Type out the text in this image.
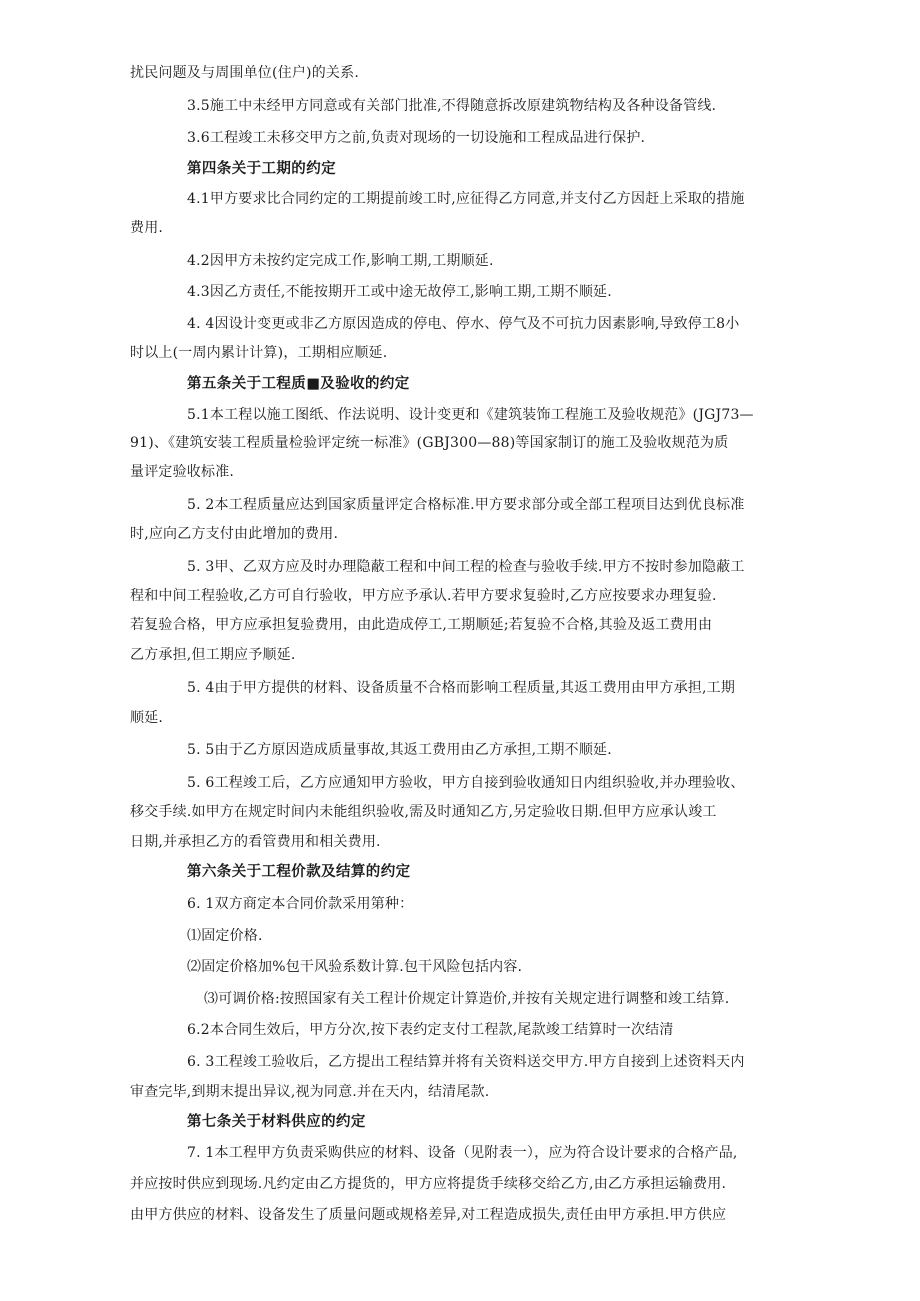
扰民问题及与周围单位(住户)的关系.
3.5施工中未经甲方同意或有关部门批准,不得随意拆改原建筑物结构及各种设备管线.
3.6工程竣工未移交甲方之前,负责对现场的一切设施和工程成品进行保护.
第四条关于工期的约定
4.1甲方要求比合同约定的工期提前竣工时,应征得乙方同意,并支付乙方因赶上采取的措施
费用.
4.2因甲方未按约定完成工作,影响工期,工期顺延.
4.3因乙方责任,不能按期开工或中途无故停工,影响工期,工期不顺延.
4. 4因设计变更或非乙方原因造成的停电、停水、停气及不可抗力因素影响,导致停工8小
时以上(一周内累计计算)，工期相应顺延.
第五条关于工程质■及验收的约定
5.1本工程以施工图纸、作法说明、设计变更和《建筑装饰工程施工及验收规范》(JGJ73—
91)、《建筑安装工程质量检验评定统一标准》(GBJ300—88)等国家制订的施工及验收规范为质
量评定验收标准.
5. 2本工程质量应达到国家质量评定合格标准.甲方要求部分或全部工程项目达到优良标准
时,应向乙方支付由此增加的费用.
5. 3甲、乙双方应及时办理隐蔽工程和中间工程的检查与验收手续.甲方不按时参加隐蔽工
程和中间工程验收,乙方可自行验收，甲方应予承认.若甲方要求复验时,乙方应按要求办理复验.
若复验合格，甲方应承担复验费用，由此造成停工,工期顺延;若复验不合格,其验及返工费用由
乙方承担,但工期应予顺延.
5. 4由于甲方提供的材料、设备质量不合格而影响工程质量,其返工费用由甲方承担,工期
顺延.
5. 5由于乙方原因造成质量事故,其返工费用由乙方承担,工期不顺延.
5. 6工程竣工后，乙方应通知甲方验收，甲方自接到验收通知日内组织验收,并办理验收、
移交手续.如甲方在规定时间内未能组织验收,需及时通知乙方,另定验收日期.但甲方应承认竣工
日期,并承担乙方的看管费用和相关费用.
第六条关于工程价款及结算的约定
6. 1双方商定本合同价款采用第种：
⑴固定价格.
⑵固定价格加%包干风验系数计算.包干风险包括内容.
⑶可调价格:按照国家有关工程计价规定计算造价,并按有关规定进行调整和竣工结算.
6.2本合同生效后，甲方分次,按下表约定支付工程款,尾款竣工结算时一次结清
6. 3工程竣工验收后，乙方提出工程结算并将有关资料送交甲方.甲方自接到上述资料天内
审查完毕,到期末提出异议,视为同意.并在天内，结清尾款.
第七条关于材料供应的约定
7. 1本工程甲方负责采购供应的材料、设备（见附表一），应为符合设计要求的合格产品,
并应按时供应到现场.凡约定由乙方提货的，甲方应将提货手续移交给乙方,由乙方承担运输费用.
由甲方供应的材料、设备发生了质量问题或规格差异,对工程造成损失,责任由甲方承担.甲方供应
